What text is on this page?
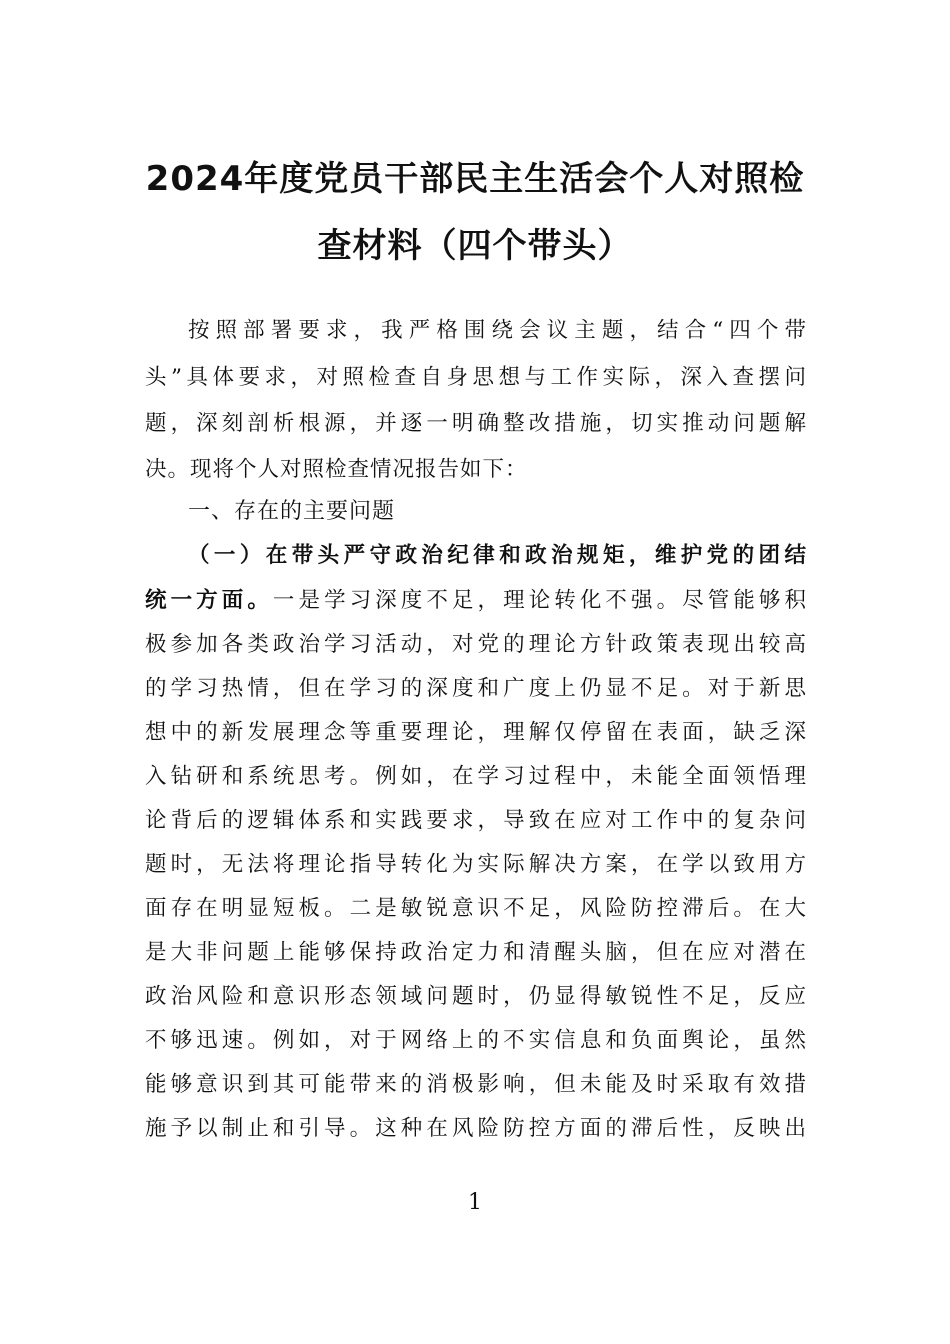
2024年度党员干部民主生活会个人对照检
查材料（四个带头）
按照部署要求，我严格围绕会议主题，结合“四个带
头”具体要求，对照检查自身思想与工作实际，深入查摆问
题，深刻剖析根源，并逐一明确整改措施，切实推动问题解
决。现将个人对照检查情况报告如下：
一、存在的主要问题
（一）在带头严守政治纪律和政治规矩，维护党的团结
统一方面。一是学习深度不足，理论转化不强。尽管能够积
极参加各类政治学习活动，对党的理论方针政策表现出较高
的学习热情，但在学习的深度和广度上仍显不足。对于新思
想中的新发展理念等重要理论，理解仅停留在表面，缺乏深
入钻研和系统思考。例如，在学习过程中，未能全面领悟理
论背后的逻辑体系和实践要求，导致在应对工作中的复杂问
题时，无法将理论指导转化为实际解决方案，在学以致用方
面存在明显短板。二是敏锐意识不足，风险防控滞后。在大
是大非问题上能够保持政治定力和清醒头脑，但在应对潜在
政治风险和意识形态领域问题时，仍显得敏锐性不足，反应
不够迅速。例如，对于网络上的不实信息和负面舆论，虽然
能够意识到其可能带来的消极影响，但未能及时采取有效措
施予以制止和引导。这种在风险防控方面的滞后性，反映出
1
